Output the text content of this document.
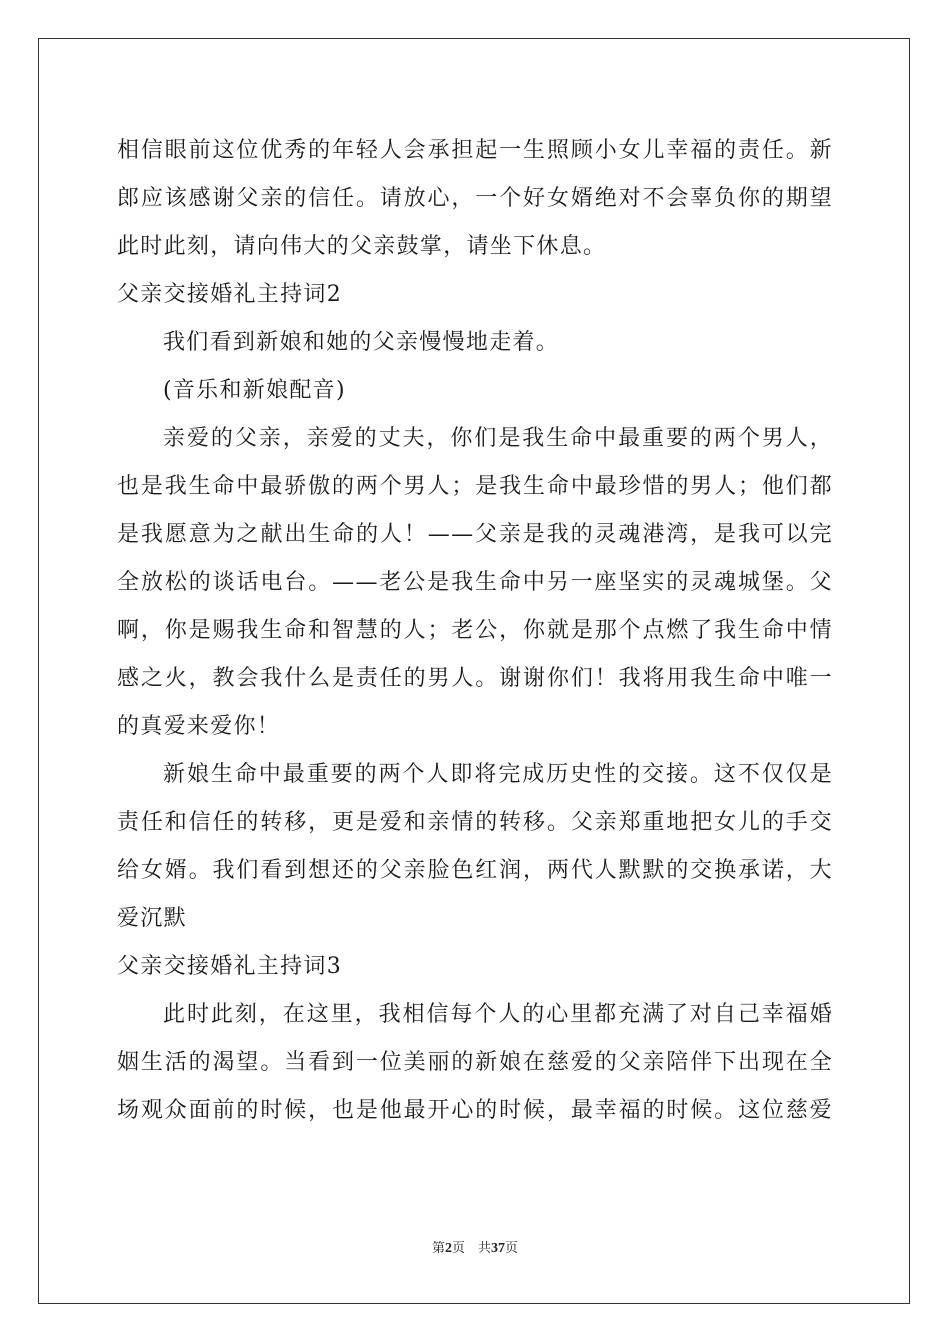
相信眼前这位优秀的年轻人会承担起一生照顾小女儿幸福的责任。新
郎应该感谢父亲的信任。请放心，一个好女婿绝对不会辜负你的期望
此时此刻，请向伟大的父亲鼓掌，请坐下休息。
父亲交接婚礼主持词2
我们看到新娘和她的父亲慢慢地走着。
(音乐和新娘配音)
亲爱的父亲，亲爱的丈夫，你们是我生命中最重要的两个男人，
也是我生命中最骄傲的两个男人；是我生命中最珍惜的男人；他们都
是我愿意为之献出生命的人！——父亲是我的灵魂港湾，是我可以完
全放松的谈话电台。——老公是我生命中另一座坚实的灵魂城堡。父
啊，你是赐我生命和智慧的人；老公，你就是那个点燃了我生命中情
感之火，教会我什么是责任的男人。谢谢你们！我将用我生命中唯一
的真爱来爱你！
新娘生命中最重要的两个人即将完成历史性的交接。这不仅仅是
责任和信任的转移，更是爱和亲情的转移。父亲郑重地把女儿的手交
给女婿。我们看到想还的父亲脸色红润，两代人默默的交换承诺，大
爱沉默
父亲交接婚礼主持词3
此时此刻，在这里，我相信每个人的心里都充满了对自己幸福婚
姻生活的渴望。当看到一位美丽的新娘在慈爱的父亲陪伴下出现在全
场观众面前的时候，也是他最开心的时候，最幸福的时候。这位慈爱
第2页　共37页
